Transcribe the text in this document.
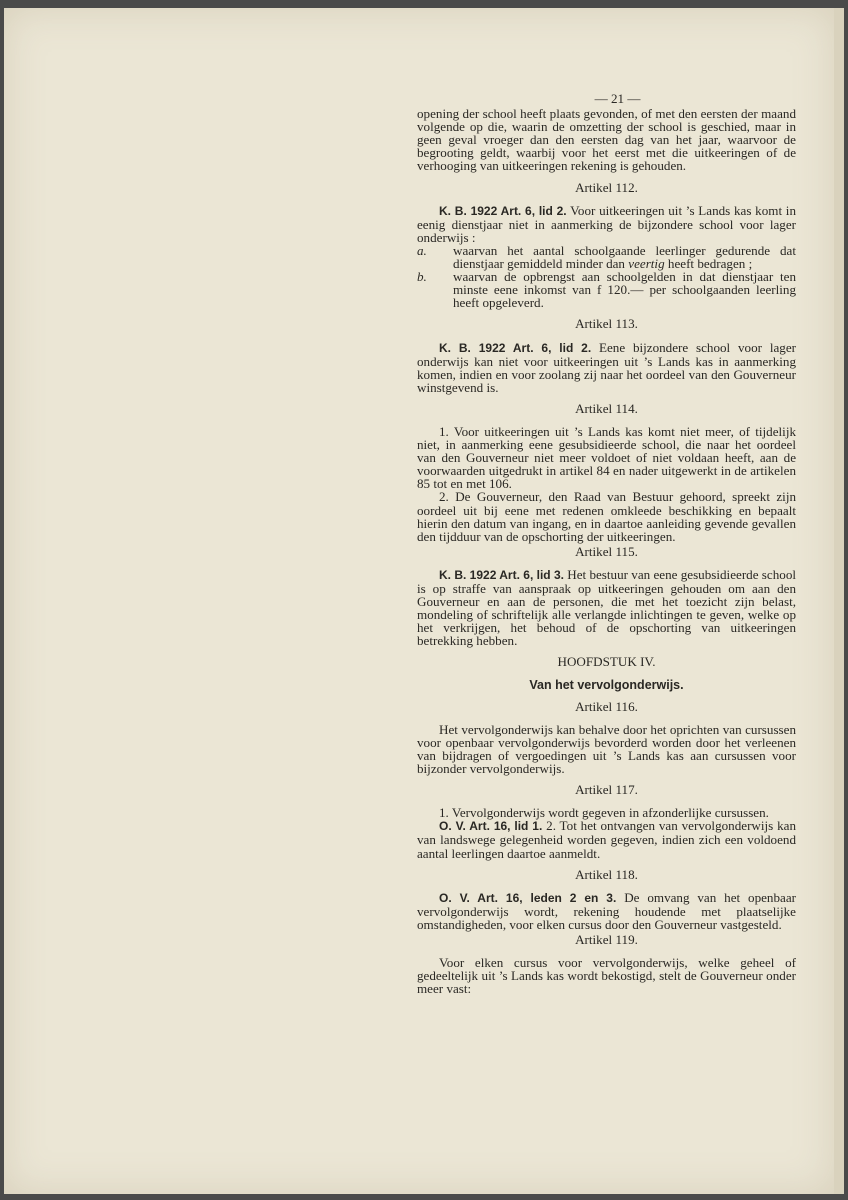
— 21 —

opening der school heeft plaats gevonden, of met den eersten der maand volgende op die, waarin de omzetting der school is geschied, maar in geen geval vroeger dan den eersten dag van het jaar, waarvoor de begrooting geldt, waarbij voor het eerst met die uitkeeringen of de verhooging van uitkeeringen rekening is gehouden.

Artikel 112.

K. B. 1922 Art. 6, lid 2. Voor uitkeeringen uit ’s Lands kas komt in eenig dienstjaar niet in aanmerking de bijzondere school voor lager onderwijs :

a.	waarvan het aantal schoolgaande leerlinger gedurende dat dienstjaar gemiddeld minder dan veertig heeft bedragen ;
b.	waarvan de opbrengst aan schoolgelden in dat dienstjaar ten minste eene inkomst van f 120.— per schoolgaanden leerling heeft opgeleverd.

Artikel 113.

K. B. 1922 Art. 6, lid 2. Eene bijzondere school voor lager onderwijs kan niet voor uitkeeringen uit ’s Lands kas in aanmerking komen, indien en voor zoolang zij naar het oordeel van den Gouverneur winstgevend is.

Artikel 114.

1. Voor uitkeeringen uit ’s Lands kas komt niet meer, of tijdelijk niet, in aanmerking eene gesubsidieerde school, die naar het oordeel van den Gouverneur niet meer voldoet of niet voldaan heeft, aan de voorwaarden uitgedrukt in artikel 84 en nader uitgewerkt in de artikelen 85 tot en met 106.

2. De Gouverneur, den Raad van Bestuur gehoord, spreekt zijn oordeel uit bij eene met redenen omkleede beschikking en bepaalt hierin den datum van ingang, en in daartoe aanleiding gevende gevallen den tijdduur van de opschorting der uitkeeringen.

Artikel 115.

K. B. 1922 Art. 6, lid 3. Het bestuur van eene gesubsidieerde school is op straffe van aanspraak op uitkeeringen gehouden om aan den Gouverneur en aan de personen, die met het toezicht zijn belast, mondeling of schriftelijk alle verlangde inlichtingen te geven, welke op het verkrijgen, het behoud of de opschorting van uitkeeringen betrekking hebben.

HOOFDSTUK IV.

Van het vervolgonderwijs.

Artikel 116.

Het vervolgonderwijs kan behalve door het oprichten van cursussen voor openbaar vervolgonderwijs bevorderd worden door het verleenen van bijdragen of vergoedingen uit ’s Lands kas aan cursussen voor bijzonder vervolgonderwijs.

Artikel 117.

1. Vervolgonderwijs wordt gegeven in afzonderlijke cursussen.

O. V. Art. 16, lid 1. 2. Tot het ontvangen van vervolgonderwijs kan van landswege gelegenheid worden gegeven, indien zich een voldoend aantal leerlingen daartoe aanmeldt.

Artikel 118.

O. V. Art. 16, leden 2 en 3. De omvang van het openbaar vervolgonderwijs wordt, rekening houdende met plaatselijke omstandigheden, voor elken cursus door den Gouverneur vastgesteld.

Artikel 119.

Voor elken cursus voor vervolgonderwijs, welke geheel of gedeeltelijk uit ’s Lands kas wordt bekostigd, stelt de Gouverneur onder meer vast:
